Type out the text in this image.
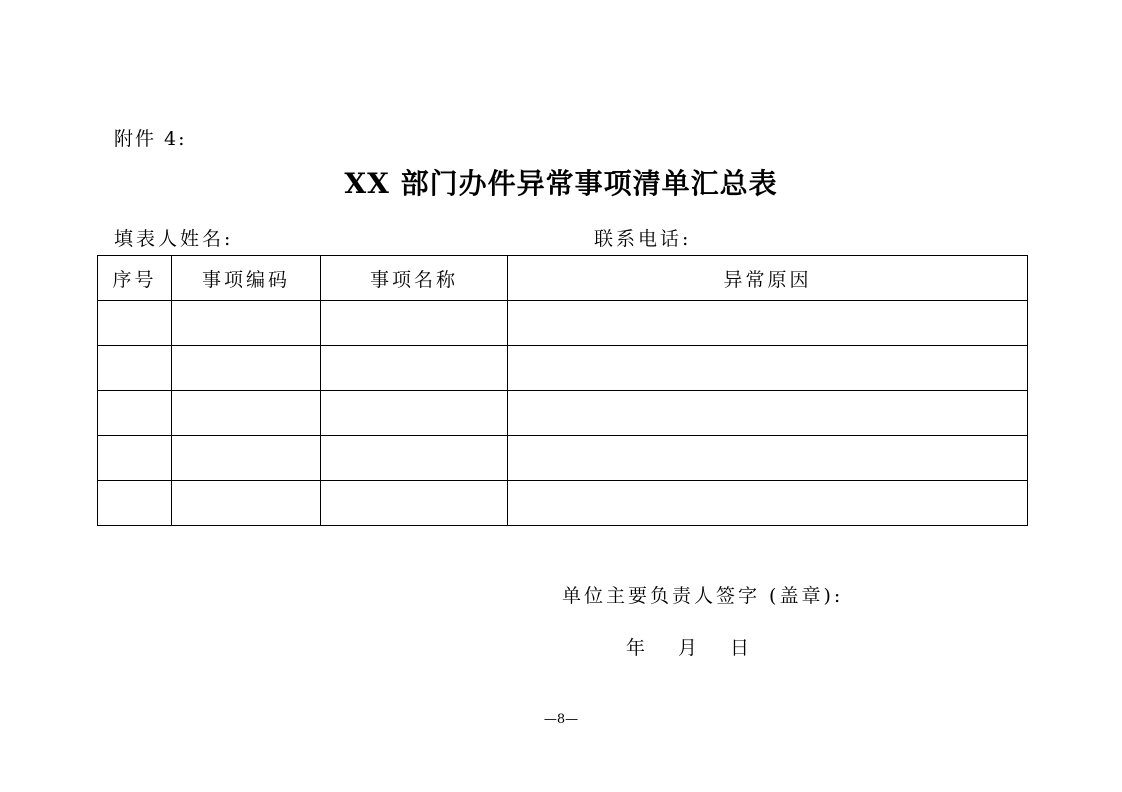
附件 4:
XX 部门办件异常事项清单汇总表
填表人姓名:	联系电话:
序号	事项编码	事项名称	异常原因

单位主要负责人签字 (盖章):
年	月	日
—8—
